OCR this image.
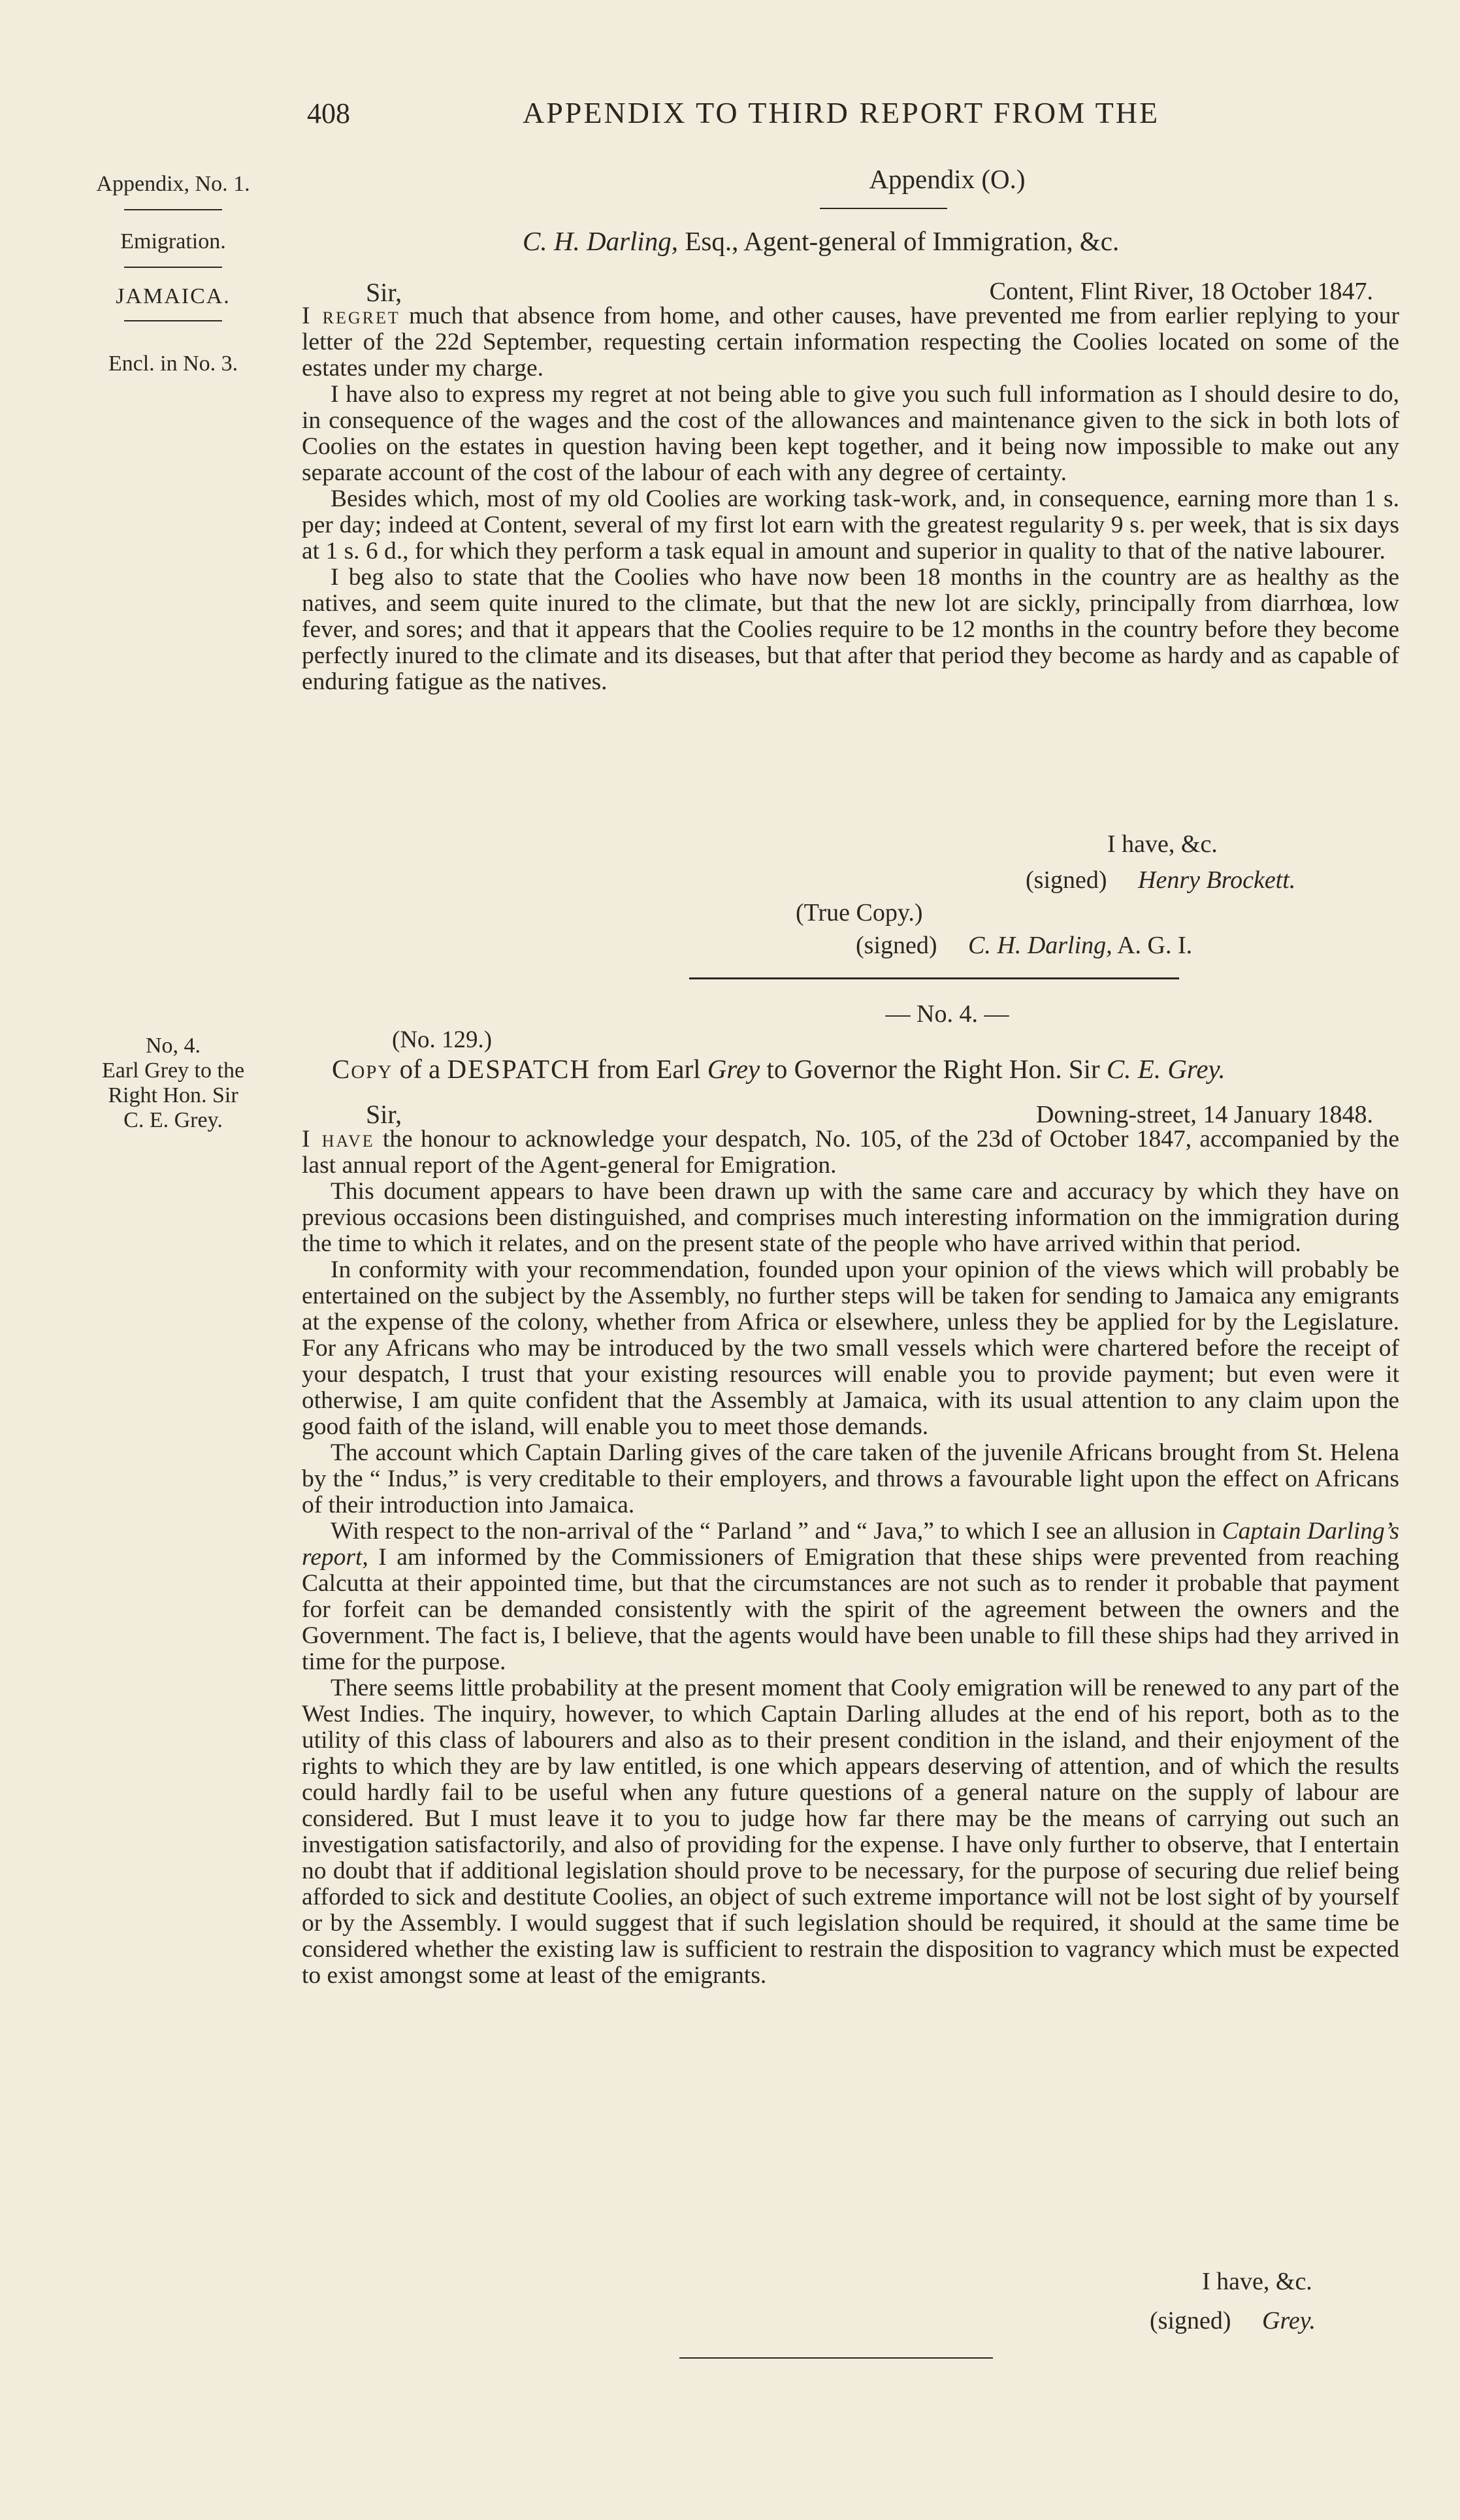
408	APPENDIX TO THIRD REPORT FROM THE
Appendix, No. 1.
Emigration.
JAMAICA.
Encl. in No. 3.
No, 4.
Earl Grey to the
Right Hon. Sir
C. E. Grey.
Appendix (O.)
C. H. Darling, Esq., Agent-general of Immigration, &c.
Sir,	Content, Flint River, 18 October 1847.

I regret much that absence from home, and other causes, have prevented me from earlier replying to your letter of the 22d September, requesting certain information respecting the Coolies located on some of the estates under my charge.

I have also to express my regret at not being able to give you such full information as I should desire to do, in consequence of the wages and the cost of the allowances and maintenance given to the sick in both lots of Coolies on the estates in question having been kept together, and it being now impossible to make out any separate account of the cost of the labour of each with any degree of certainty.

Besides which, most of my old Coolies are working task-work, and, in consequence, earning more than 1 s. per day; indeed at Content, several of my first lot earn with the greatest regularity 9 s. per week, that is six days at 1 s. 6 d., for which they perform a task equal in amount and superior in quality to that of the native labourer.

I beg also to state that the Coolies who have now been 18 months in the country are as healthy as the natives, and seem quite inured to the climate, but that the new lot are sickly, principally from diarrhœa, low fever, and sores; and that it appears that the Coolies require to be 12 months in the country before they become perfectly inured to the climate and its diseases, but that after that period they become as hardy and as capable of enduring fatigue as the natives.

I have, &c.
(signed) Henry Brockett.
(True Copy.)
(signed) C. H. Darling, A. G. I.
— No. 4. —
(No. 129.)
Copy of a DESPATCH from Earl Grey to Governor the Right Hon. Sir C. E. Grey.
Sir,	Downing-street, 14 January 1848.

I have the honour to acknowledge your despatch, No. 105, of the 23d of October 1847, accompanied by the last annual report of the Agent-general for Emigration.

This document appears to have been drawn up with the same care and accuracy by which they have on previous occasions been distinguished, and comprises much interesting information on the immigration during the time to which it relates, and on the present state of the people who have arrived within that period.

In conformity with your recommendation, founded upon your opinion of the views which will probably be entertained on the subject by the Assembly, no further steps will be taken for sending to Jamaica any emigrants at the expense of the colony, whether from Africa or elsewhere, unless they be applied for by the Legislature. For any Africans who may be introduced by the two small vessels which were chartered before the receipt of your despatch, I trust that your existing resources will enable you to provide payment; but even were it otherwise, I am quite confident that the Assembly at Jamaica, with its usual attention to any claim upon the good faith of the island, will enable you to meet those demands.

The account which Captain Darling gives of the care taken of the juvenile Africans brought from St. Helena by the “ Indus,” is very creditable to their employers, and throws a favourable light upon the effect on Africans of their introduction into Jamaica.

With respect to the non-arrival of the “ Parland ” and “ Java,” to which I see an allusion in Captain Darling’s report, I am informed by the Commissioners of Emigration that these ships were prevented from reaching Calcutta at their appointed time, but that the circumstances are not such as to render it probable that payment for forfeit can be demanded consistently with the spirit of the agreement between the owners and the Government. The fact is, I believe, that the agents would have been unable to fill these ships had they arrived in time for the purpose.

There seems little probability at the present moment that Cooly emigration will be renewed to any part of the West Indies. The inquiry, however, to which Captain Darling alludes at the end of his report, both as to the utility of this class of labourers and also as to their present condition in the island, and their enjoyment of the rights to which they are by law entitled, is one which appears deserving of attention, and of which the results could hardly fail to be useful when any future questions of a general nature on the supply of labour are considered. But I must leave it to you to judge how far there may be the means of carrying out such an investigation satisfactorily, and also of providing for the expense. I have only further to observe, that I entertain no doubt that if additional legislation should prove to be necessary, for the purpose of securing due relief being afforded to sick and destitute Coolies, an object of such extreme importance will not be lost sight of by yourself or by the Assembly. I would suggest that if such legislation should be required, it should at the same time be considered whether the existing law is sufficient to restrain the disposition to vagrancy which must be expected to exist amongst some at least of the emigrants.

I have, &c.
(signed) Grey.
